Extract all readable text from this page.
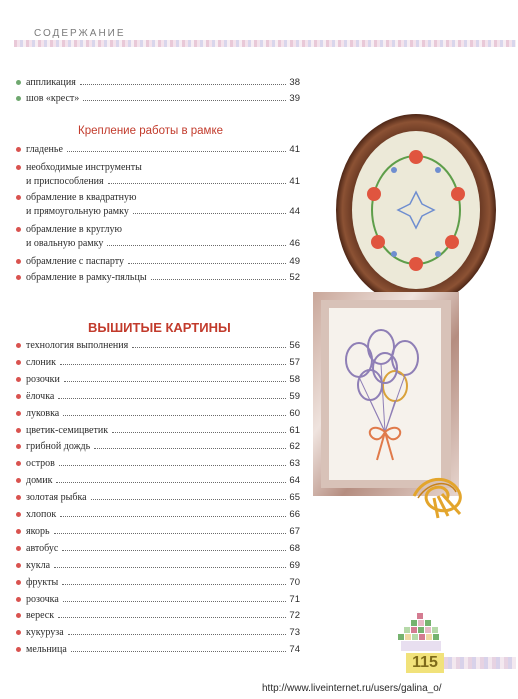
СОДЕРЖАНИЕ
Крепление работы в рамке
ВЫШИТЫЕ КАРТИНЫ
аппликация	38
шов «крест»	39
гладенье	41
необходимые инструменты
и приспособления	41
обрамление в квадратную
и прямоугольную рамку	44
обрамление в круглую
и овальную рамку	46
обрамление с паспарту	49
обрамление в рамку-пяльцы	52
технология выполнения	56
слоник	57
розочки	58
ёлочка	59
луковка	60
цветик-семицветик	61
грибной дождь	62
остров	63
домик	64
золотая рыбка	65
хлопок	66
якорь	67
автобус	68
кукла	69
фрукты	70
розочка	71
вереск	72
кукуруза	73
мельница	74
115
http://www.liveinternet.ru/users/galina_o/
